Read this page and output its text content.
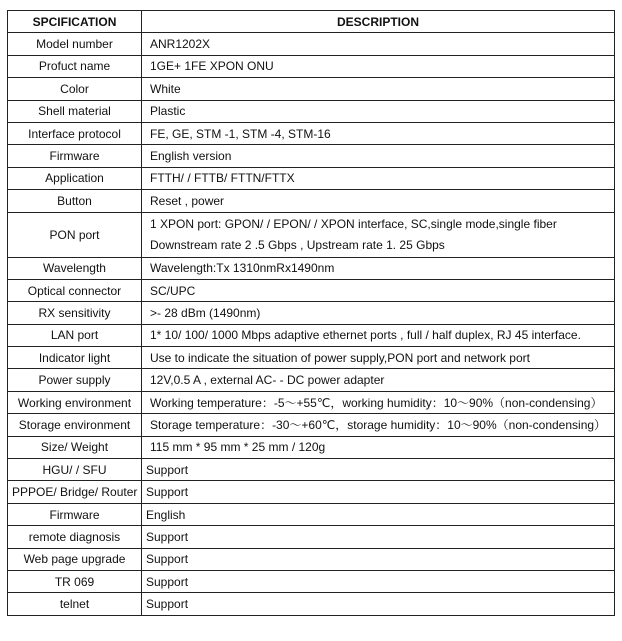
SPCIFICATION	DESCRIPTION
Model number	ANR1202X
Profuct name	1GE+ 1FE XPON ONU
Color	White
Shell material	Plastic
Interface protocol	FE, GE, STM -1, STM -4, STM-16
Firmware	English version
Application	FTTH/ / FTTB/ FTTN/FTTX
Button	Reset , power
PON port	1 XPON port: GPON/ / EPON/ / XPON interface, SC,single mode,single fiber
Downstream rate 2 .5 Gbps , Upstream rate 1. 25 Gbps

Wavelength	Wavelength:Tx 1310nmRx1490nm
Optical connector	SC/UPC
RX sensitivity	>- 28 dBm (1490nm)
LAN port	1* 10/ 100/ 1000 Mbps adaptive ethernet ports , full / half duplex, RJ 45 interface.
Indicator light	Use to indicate the situation of power supply,PON port and network port
Power supply	12V,0.5 A , external AC- - DC power adapter
Working environment	Working temperature：-5～+55℃，working humidity：10～90%（non-condensing）
Storage environment	Storage temperature：-30～+60℃，storage humidity：10～90%（non-condensing）
Size/ Weight	115 mm * 95 mm * 25 mm / 120g
HGU/ / SFU	Support
PPPOE/ Bridge/ Router	Support
Firmware	English
remote diagnosis	Support
Web page upgrade	Support
TR 069	Support
telnet	Support
